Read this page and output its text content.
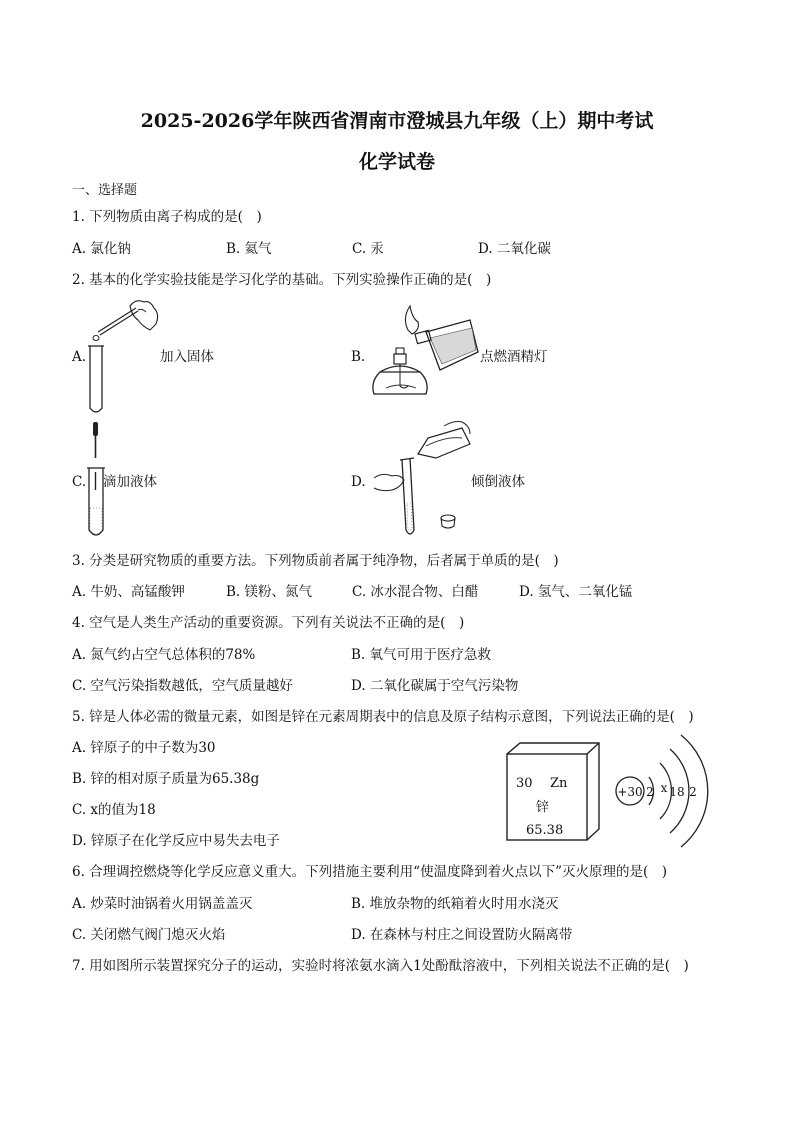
2025-2026学年陕西省渭南市澄城县九年级（上）期中考试
化学试卷
一、选择题
1. 下列物质由离子构成的是(　)
A. 氯化钠	B. 氦气	C. 汞	D. 二氧化碳
2. 基本的化学实验技能是学习化学的基础。下列实验操作正确的是(　)
A.	加入固体	B.	点燃酒精灯
C. 滴加液体	D.	倾倒液体
3. 分类是研究物质的重要方法。下列物质前者属于纯净物，后者属于单质的是(　)
A. 牛奶、高锰酸钾	B. 镁粉、氮气	C. 冰水混合物、白醋	D. 氢气、二氧化锰
4. 空气是人类生产活动的重要资源。下列有关说法不正确的是(　)
A. 氮气约占空气总体积的78%	B. 氧气可用于医疗急救
C. 空气污染指数越低，空气质量越好	D. 二氧化碳属于空气污染物
5. 锌是人体必需的微量元素，如图是锌在元素周期表中的信息及原子结构示意图，下列说法正确的是(　)
A. 锌原子的中子数为30
B. 锌的相对原子质量为65.38g
C. x的值为18
D. 锌原子在化学反应中易失去电子
30 Zn
锌
65.38
+30 2 x 18 2
6. 合理调控燃烧等化学反应意义重大。下列措施主要利用“使温度降到着火点以下”灭火原理的是(　)
A. 炒菜时油锅着火用锅盖盖灭	B. 堆放杂物的纸箱着火时用水浇灭
C. 关闭燃气阀门熄灭火焰	D. 在森林与村庄之间设置防火隔离带
7. 用如图所示装置探究分子的运动，实验时将浓氨水滴入1处酚酞溶液中，下列相关说法不正确的是(　)
